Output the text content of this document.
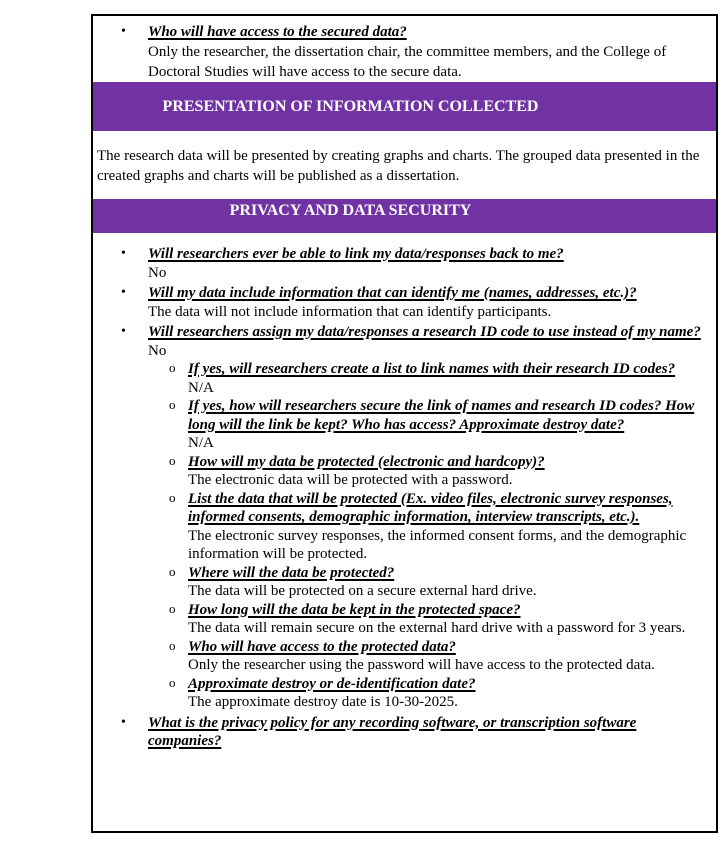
• Who will have access to the secured data?
Only the researcher, the dissertation chair, the committee members, and the College of Doctoral Studies will have access to the secure data.
PRESENTATION OF INFORMATION COLLECTED

The research data will be presented by creating graphs and charts. The grouped data presented in the created graphs and charts will be published as a dissertation.

PRIVACY AND DATA SECURITY
• Will researchers ever be able to link my data/responses back to me?
No
• Will my data include information that can identify me (names, addresses, etc.)?
The data will not include information that can identify participants.
• Will researchers assign my data/responses a research ID code to use instead of my name?
No
o If yes, will researchers create a list to link names with their research ID codes?
N/A
o If yes, how will researchers secure the link of names and research ID codes? How long will the link be kept? Who has access? Approximate destroy date?
N/A
o How will my data be protected (electronic and hardcopy)?
The electronic data will be protected with a password.
o List the data that will be protected (Ex. video files, electronic survey responses, informed consents, demographic information, interview transcripts, etc.).
The electronic survey responses, the informed consent forms, and the demographic information will be protected.
o Where will the data be protected?
The data will be protected on a secure external hard drive.
o How long will the data be kept in the protected space?
The data will remain secure on the external hard drive with a password for 3 years.
o Who will have access to the protected data?
Only the researcher using the password will have access to the protected data.
o Approximate destroy or de-identification date?
The approximate destroy date is 10-30-2025.
• What is the privacy policy for any recording software, or transcription software companies?
